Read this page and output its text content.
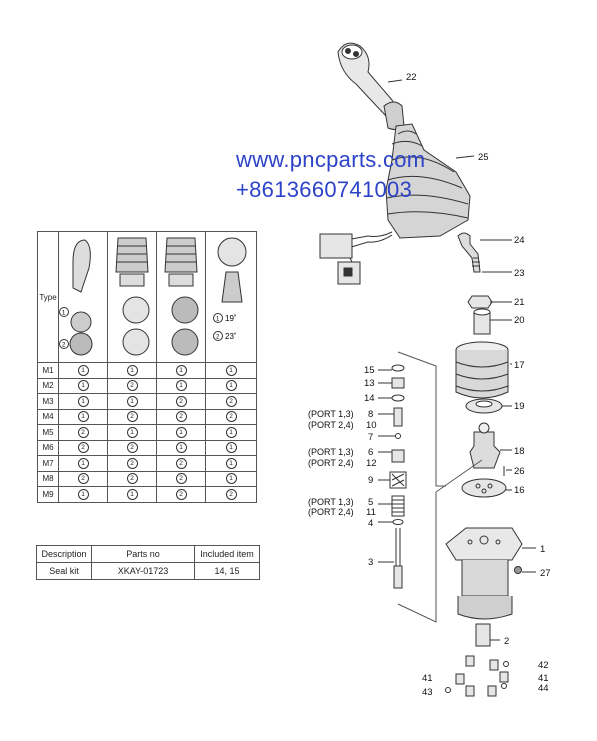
22
25
24
23
21
20
17
19
18
26
16
1
27
2
42
41
44
41
43
15
13
14
8
10
7
6
12
9
5
11
4
3
(PORT 1,3)
(PORT 2,4)
(PORT 1,3)
(PORT 2,4)
(PORT 1,3)
(PORT 2,4)
www.pncparts.com
+8613660741003
Type	1
2			1
2
19˚
23˚

M1	1	1	1	1
M2	1	2	1	1
M3	1	1	2	2
M4	1	2	2	2
M5	2	1	1	1
M6	2	2	1	1
M7	1	2	2	1
M8	2	2	2	1
M9	1	1	2	2
Description	Parts no	Included item
Seal kit	XKAY-01723	14, 15
